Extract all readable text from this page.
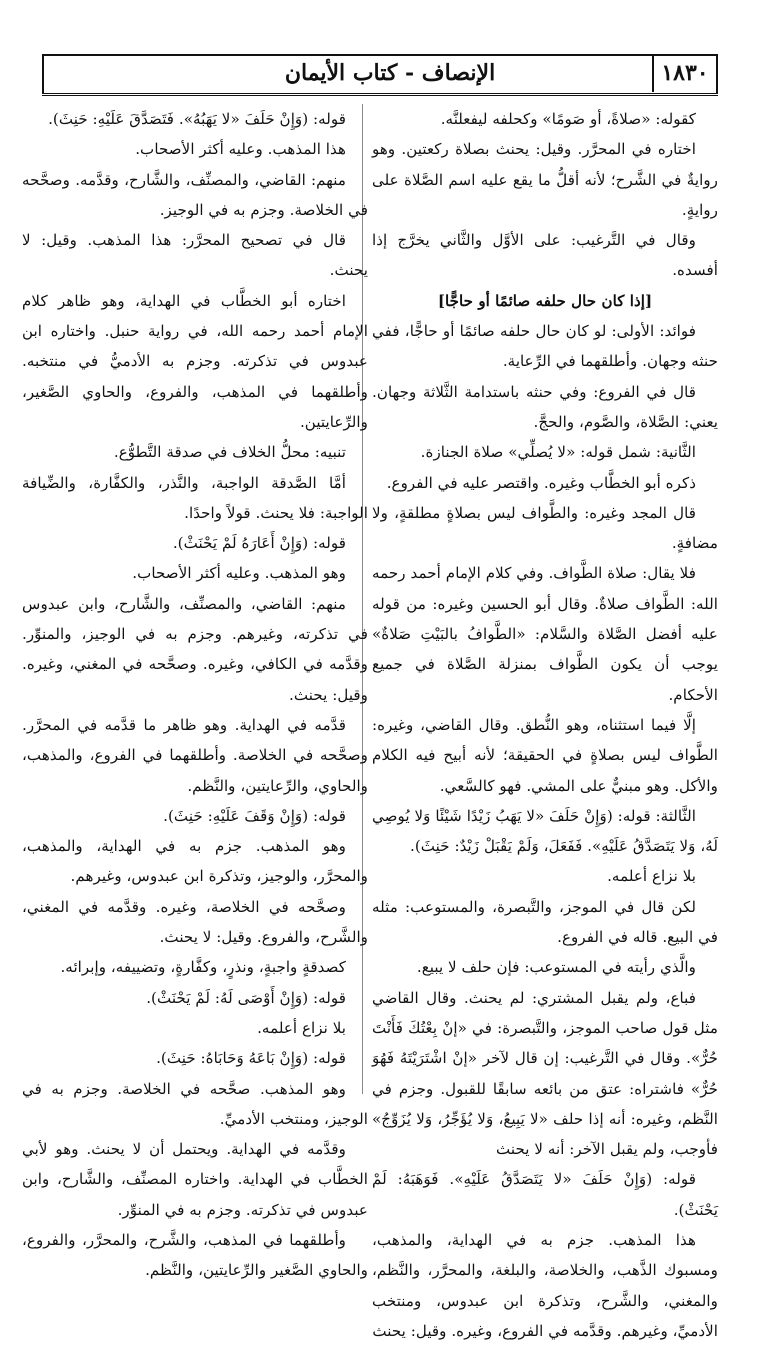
١٨٣٠
الإنصاف - كتاب الأيمان

كقوله: «صلاةً، أو صَومًا» وكحلفه ليفعلنَّه.

اختاره في المحرَّر. وقيل: يحنث بصلاة ركعتين. وهو روايةٌ في الشَّرح؛ لأنه أقلُّ ما يقع عليه اسم الصَّلاة على روايةٍ.

وقال في التَّرغيب: على الأوَّل والثَّاني يخرَّج إذا أفسده.

[إذا كان حال حلفه صائمًا أو حاجًّا]

فوائد: الأولى: لو كان حال حلفه صائمًا أو حاجًّا، ففي حنثه وجهان. وأطلقهما في الرِّعاية.

قال في الفروع: وفي حنثه باستدامة الثَّلاثة وجهان. يعني: الصَّلاة، والصَّوم، والحجَّ.

الثَّانية: شمل قوله: «لا يُصلِّي» صلاة الجنازة.

ذكره أبو الخطَّاب وغيره. واقتصر عليه في الفروع.

قال المجد وغيره: والطَّواف ليس بصلاةٍ مطلقةٍ، ولا مضافةٍ.

فلا يقال: صلاة الطَّواف. وفي كلام الإمام أحمد رحمه الله: الطَّواف صلاةٌ. وقال أبو الحسين وغيره: من قوله عليه أفضل الصَّلاة والسَّلام: «الطَّوافُ بالبَيْتِ صَلاةٌ» يوجب أن يكون الطَّواف بمنزلة الصَّلاة في جميع الأحكام.

إلَّا فيما استثناه، وهو النُّطق. وقال القاضي، وغيره: الطَّواف ليس بصلاةٍ في الحقيقة؛ لأنه أبيح فيه الكلام والأكل. وهو مبنيٌّ على المشي. فهو كالسَّعي.

الثَّالثة: قوله: (وَإِنْ حَلَفَ «لا يَهَبُ زَيْدًا شَيْئًا وَلا يُوصِي لَهُ، وَلا يَتَصَدَّقُ عَلَيْهِ». فَفَعَلَ، وَلَمْ يَقْبَلْ زَيْدٌ: حَنِثَ).

بلا نزاع أعلمه.

لكن قال في الموجز، والتَّبصرة، والمستوعب: مثله في البيع. قاله في الفروع.

والَّذي رأيته في المستوعب: فإن حلف لا يبيع.

فباع، ولم يقبل المشتري: لم يحنث. وقال القاضي مثل قول صاحب الموجز، والتَّبصرة: في «إنْ بِعْتُكَ فَأَنْتَ حُرٌّ». وقال في التَّرغيب: إن قال لآخر «إنْ اشْتَرَيْتَهُ فَهُوَ حُرٌّ» فاشتراه: عتق من بائعه سابقًا للقبول. وجزم في النَّظم، وغيره: أنه إذا حلف «لا يَبِيعُ، وَلا يُؤَجِّرُ، وَلا يُزَوِّجُ» فأوجب، ولم يقبل الآخر: أنه لا يحنث

قوله: (وَإِنْ حَلَفَ «لا يَتَصَدَّقُ عَلَيْهِ». فَوَهَبَهُ: لَمْ يَحْنَثْ).

هذا المذهب. جزم به في الهداية، والمذهب، ومسبوك الذَّهب، والخلاصة، والبلغة، والمحرَّر، والنَّظم، والمغني، والشَّرح، وتذكرة ابن عبدوس، ومنتخب الأدميِّ، وغيرهم. وقدَّمه في الفروع، وغيره. وقيل: يحنث

قوله: (وَإِنْ حَلَفَ «لا يَهَبُهُ». فَتَصَدَّقَ عَلَيْهِ: حَنِثَ).

هذا المذهب. وعليه أكثر الأصحاب.

منهم: القاضي، والمصنِّف، والشَّارح، وقدَّمه. وصحَّحه في الخلاصة. وجزم به في الوجيز.

قال في تصحيح المحرَّر: هذا المذهب. وقيل: لا يحنث.

اختاره أبو الخطَّاب في الهداية، وهو ظاهر كلام الإمام أحمد رحمه الله، في رواية حنبل. واختاره ابن عبدوس في تذكرته. وجزم به الأدميُّ في منتخبه. وأطلقهما في المذهب، والفروع، والحاوي الصَّغير، والرِّعايتين.

تنبيه: محلُّ الخلاف في صدقة التَّطوُّع.

أمَّا الصَّدقة الواجبة، والنَّذر، والكفَّارة، والضِّيافة الواجبة: فلا يحنث. قولاً واحدًا.

قوله: (وَإِنْ أَعَارَهُ لَمْ يَحْنَثْ).

وهو المذهب. وعليه أكثر الأصحاب.

منهم: القاضي، والمصنِّف، والشَّارح، وابن عبدوس في تذكرته، وغيرهم. وجزم به في الوجيز، والمنوِّر. وقدَّمه في الكافي، وغيره. وصحَّحه في المغني، وغيره. وقيل: يحنث.

قدَّمه في الهداية. وهو ظاهر ما قدَّمه في المحرَّر. وصحَّحه في الخلاصة. وأطلقهما في الفروع، والمذهب، والحاوي، والرِّعايتين، والنَّظم.

قوله: (وَإِنْ وَقَفَ عَلَيْهِ: حَنِثَ).

وهو المذهب. جزم به في الهداية، والمذهب، والمحرَّر، والوجيز، وتذكرة ابن عبدوس، وغيرهم.

وصحَّحه في الخلاصة، وغيره. وقدَّمه في المغني، والشَّرح، والفروع. وقيل: لا يحنث.

كصدقةٍ واجبةٍ، ونذرٍ، وكفَّارةٍ، وتضييفه، وإبرائه.

قوله: (وَإِنْ أَوْصَى لَهُ: لَمْ يَحْنَثْ).

بلا نزاع أعلمه.

قوله: (وَإِنْ بَاعَهُ وَحَابَاهُ: حَنِثَ).

وهو المذهب. صحَّحه في الخلاصة. وجزم به في الوجيز، ومنتخب الأدميِّ.

وقدَّمه في الهداية. ويحتمل أن لا يحنث. وهو لأبي الخطَّاب في الهداية. واختاره المصنِّف، والشَّارح، وابن عبدوس في تذكرته. وجزم به في المنوِّر.

وأطلقهما في المذهب، والشَّرح، والمحرَّر، والفروع، والحاوي الصَّغير والرِّعايتين، والنَّظم.
